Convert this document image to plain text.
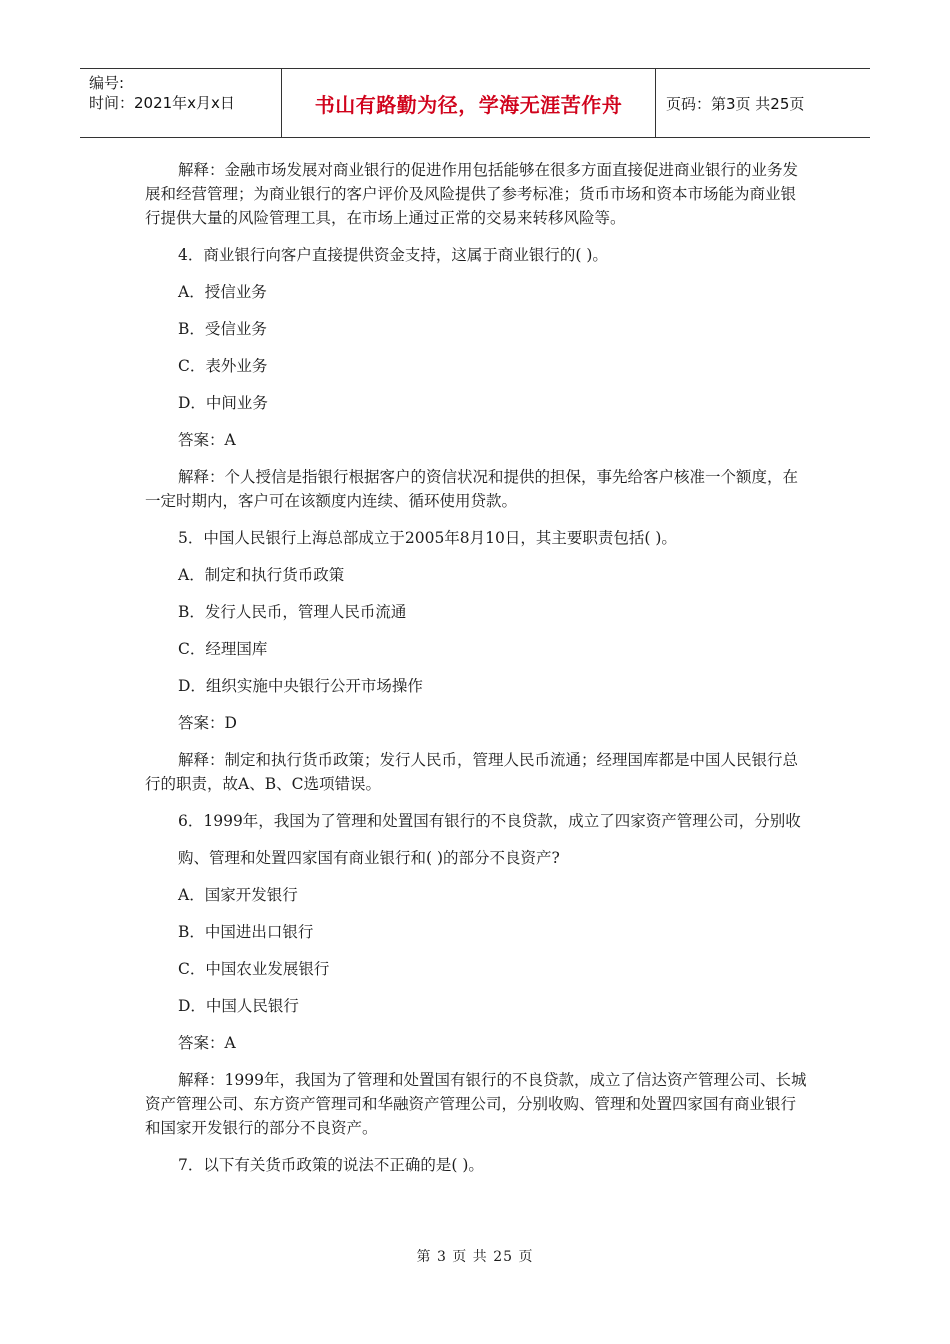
编号:
时间：2021年x月x日	书山有路勤为径，学海无涯苦作舟	页码：第3页 共25页

解释：金融市场发展对商业银行的促进作用包括能够在很多方面直接促进商业银行的业务发展和经营管理；为商业银行的客户评价及风险提供了参考标准；货币市场和资本市场能为商业银行提供大量的风险管理工具，在市场上通过正常的交易来转移风险等。

4．商业银行向客户直接提供资金支持，这属于商业银行的( )。

A．授信业务

B．受信业务

C．表外业务

D．中间业务

答案：A

解释：个人授信是指银行根据客户的资信状况和提供的担保，事先给客户核准一个额度，在一定时期内，客户可在该额度内连续、循环使用贷款。

5．中国人民银行上海总部成立于2005年8月10日，其主要职责包括( )。

A．制定和执行货币政策

B．发行人民币，管理人民币流通

C．经理国库

D．组织实施中央银行公开市场操作

答案：D

解释：制定和执行货币政策；发行人民币，管理人民币流通；经理国库都是中国人民银行总行的职责，故A、B、C选项错误。

6．1999年，我国为了管理和处置国有银行的不良贷款，成立了四家资产管理公司，分别收

购、管理和处置四家国有商业银行和( )的部分不良资产?

A．国家开发银行

B．中国进出口银行

C．中国农业发展银行

D．中国人民银行

答案：A

解释：1999年，我国为了管理和处置国有银行的不良贷款，成立了信达资产管理公司、长城资产管理公司、东方资产管理司和华融资产管理公司，分别收购、管理和处置四家国有商业银行和国家开发银行的部分不良资产。

7．以下有关货币政策的说法不正确的是( )。

第 3 页 共 25 页
